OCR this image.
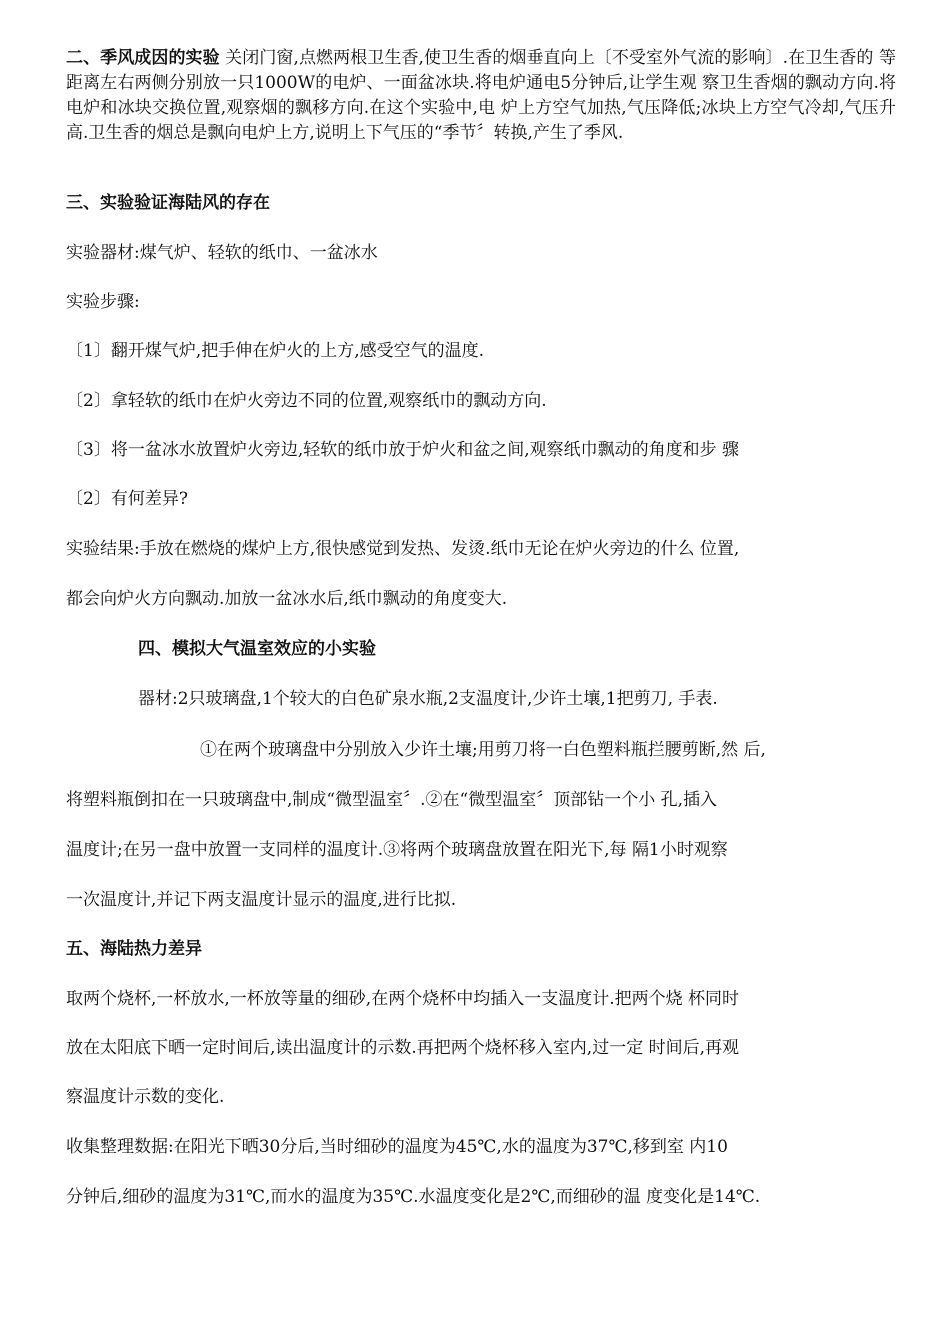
二、季风成因的实验 关闭门窗,点燃两根卫生香,使卫生香的烟垂直向上〔不受室外气流的影响〕.在卫生香的 等距离左右两侧分别放一只1000W的电炉、一面盆冰块.将电炉通电5分钟后,让学生观 察卫生香烟的飘动方向.将电炉和冰块交换位置,观察烟的飘移方向.在这个实验中,电 炉上方空气加热,气压降低;冰块上方空气冷却,气压升高.卫生香的烟总是飘向电炉上方,说明上下气压的“季节〞转换,产生了季风.

三、实验验证海陆风的存在
实验器材:煤气炉、轻软的纸巾、一盆冰水
实验步骤:
〔1〕翻开煤气炉,把手伸在炉火的上方,感受空气的温度.
〔2〕拿轻软的纸巾在炉火旁边不同的位置,观察纸巾的飘动方向.
〔3〕将一盆冰水放置炉火旁边,轻软的纸巾放于炉火和盆之间,观察纸巾飘动的角度和步 骤
〔2〕有何差异?
实验结果:手放在燃烧的煤炉上方,很快感觉到发热、发烫.纸巾无论在炉火旁边的什么 位置,
都会向炉火方向飘动.加放一盆冰水后,纸巾飘动的角度变大.
四、模拟大气温室效应的小实验
器材:2只玻璃盘,1个较大的白色矿泉水瓶,2支温度计,少许土壤,1把剪刀, 手表.
①在两个玻璃盘中分别放入少许土壤;用剪刀将一白色塑料瓶拦腰剪断,然 后,
将塑料瓶倒扣在一只玻璃盘中,制成“微型温室〞.②在“微型温室〞顶部钻一个小 孔,插入
温度计;在另一盘中放置一支同样的温度计.③将两个玻璃盘放置在阳光下,每 隔1小时观察
一次温度计,并记下两支温度计显示的温度,进行比拟.
五、海陆热力差异
取两个烧杯,一杯放水,一杯放等量的细砂,在两个烧杯中均插入一支温度计.把两个烧 杯同时
放在太阳底下晒一定时间后,读出温度计的示数.再把两个烧杯移入室内,过一定 时间后,再观
察温度计示数的变化.
收集整理数据:在阳光下晒30分后,当时细砂的温度为45℃,水的温度为37℃,移到室 内10
分钟后,细砂的温度为31℃,而水的温度为35℃.水温度变化是2℃,而细砂的温 度变化是14℃.
